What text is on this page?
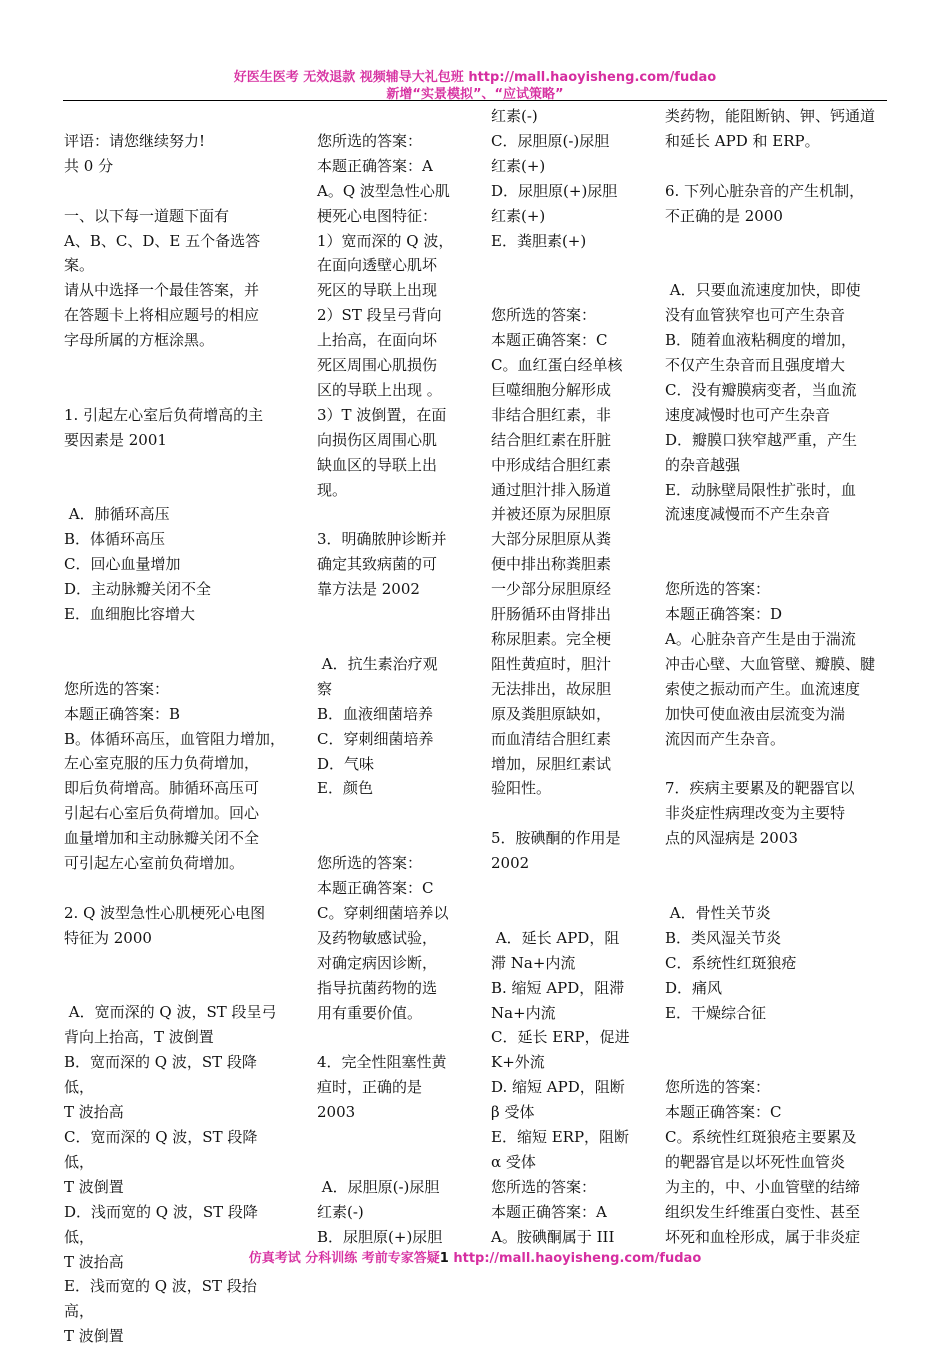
好医生医考 无效退款 视频辅导大礼包班 http://mall.haoyisheng.com/fudao
新增“实景模拟”、“应试策略”

评语：请您继续努力!

共 0 分

一、以下每一道题下面有

A、B、C、D、E 五个备选答案。

请从中选择一个最佳答案，并

在答题卡上将相应题号的相应

字母所属的方框涂黑。

1. 引起左心室后负荷增高的主

要因素是 2001

A．肺循环高压

B．体循环高压

C．回心血量增加

D．主动脉瓣关闭不全

E．血细胞比容增大

您所选的答案：

本题正确答案：B

B。体循环高压，血管阻力增加，

左心室克服的压力负荷增加，

即后负荷增高。肺循环高压可

引起右心室后负荷增加。回心

血量增加和主动脉瓣关闭不全

可引起左心室前负荷增加。

2. Q 波型急性心肌梗死心电图

特征为 2000

A．宽而深的 Q 波，ST 段呈弓

背向上抬高，T 波倒置

B．宽而深的 Q 波，ST 段降低，

T 波抬高

C．宽而深的 Q 波，ST 段降低，

T 波倒置

D．浅而宽的 Q 波，ST 段降低，

T 波抬高

E．浅而宽的 Q 波，ST 段抬高，

T 波倒置

您所选的答案：

本题正确答案：A

A。Q 波型急性心肌

梗死心电图特征：

1）宽而深的 Q 波，

在面向透壁心肌坏

死区的导联上出现

2）ST 段呈弓背向

上抬高，在面向坏

死区周围心肌损伤

区的导联上出现 。

3）T 波倒置，在面

向损伤区周围心肌

缺血区的导联上出

现。

3．明确脓肿诊断并

确定其致病菌的可

靠方法是 2002

A．抗生素治疗观

察

B．血液细菌培养

C．穿刺细菌培养

D．气味

E．颜色

您所选的答案：

本题正确答案：C

C。穿刺细菌培养以

及药物敏感试验，

对确定病因诊断，

指导抗菌药物的选

用有重要价值。

4．完全性阻塞性黄

疸时，正确的是

2003

A．尿胆原(-)尿胆

红素(-)

B．尿胆原(+)尿胆

红素(-)

C．尿胆原(-)尿胆

红素(+)

D．尿胆原(+)尿胆

红素(+)

E．粪胆素(+)

您所选的答案：

本题正确答案：C

C。血红蛋白经单核

巨噬细胞分解形成

非结合胆红素，非

结合胆红素在肝脏

中形成结合胆红素

通过胆汁排入肠道

并被还原为尿胆原

大部分尿胆原从粪

便中排出称粪胆素

一少部分尿胆原经

肝肠循环由肾排出

称尿胆素。完全梗

阻性黄疸时，胆汁

无法排出，故尿胆

原及粪胆原缺如，

而血清结合胆红素

增加，尿胆红素试

验阳性。

5．胺碘酮的作用是

2002

A．延长 APD，阻

滞 Na+内流

B. 缩短 APD，阻滞

Na+内流

C．延长 ERP，促进

K+外流

D. 缩短 APD，阻断

β 受体

E．缩短 ERP，阻断

α 受体

您所选的答案：

本题正确答案：A

A。胺碘酮属于 III

类药物，能阻断钠、钾、钙通道

和延长 APD 和 ERP。

6. 下列心脏杂音的产生机制，

不正确的是 2000

A．只要血流速度加快，即使

没有血管狭窄也可产生杂音

B．随着血液粘稠度的增加，

不仅产生杂音而且强度增大

C．没有瓣膜病变者，当血流

速度减慢时也可产生杂音

D．瓣膜口狭窄越严重，产生

的杂音越强

E．动脉壁局限性扩张时，血

流速度减慢而不产生杂音

您所选的答案：

本题正确答案：D

A。心脏杂音产生是由于湍流

冲击心壁、大血管壁、瓣膜、腱

索使之振动而产生。血流速度

加快可使血液由层流变为湍

流因而产生杂音。

7．疾病主要累及的靶器官以

非炎症性病理改变为主要特

点的风湿病是 2003

A．骨性关节炎

B．类风湿关节炎

C．系统性红斑狼疮

D．痛风

E．干燥综合征

您所选的答案：

本题正确答案：C

C。系统性红斑狼疮主要累及

的靶器官是以坏死性血管炎

为主的，中、小血管壁的结缔

组织发生纤维蛋白变性、甚至

坏死和血栓形成，属于非炎症

仿真考试 分科训练 考前专家答疑1 http://mall.haoyisheng.com/fudao
